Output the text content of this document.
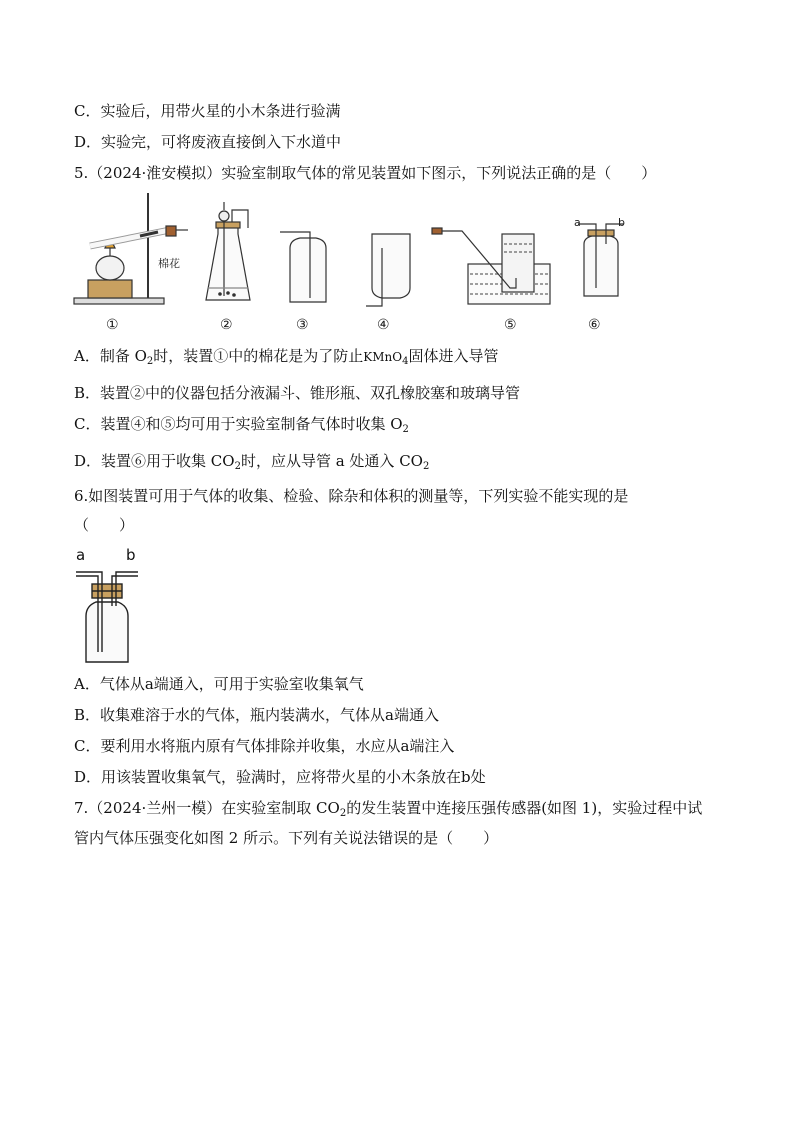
C．实验后，用带火星的小木条进行验满
D．实验完，可将废液直接倒入下水道中
5.（2024·淮安模拟）实验室制取气体的常见装置如下图示，下列说法正确的是（　　）
棉花
a	b
①	②	③	④	⑤	⑥
A．制备 $O_2$时，装置①中的棉花是为了防止KMnO$_4$固体进入导管
B．装置②中的仪器包括分液漏斗、锥形瓶、双孔橡胶塞和玻璃导管
C．装置④和⑤均可用于实验室制备气体时收集 $O_2$
D．装置⑥用于收集 $CO_2$时，应从导管 a 处通入 $CO_2$
6.如图装置可用于气体的收集、检验、除杂和体积的测量等，下列实验不能实现的是
（　　）
a	b
A．气体从a端通入，可用于实验室收集氧气
B．收集难溶于水的气体，瓶内装满水，气体从a端通入
C．要利用水将瓶内原有气体排除并收集，水应从a端注入
D．用该装置收集氧气，验满时，应将带火星的小木条放在b处
7.（2024·兰州一模）在实验室制取 $CO_2$的发生装置中连接压强传感器(如图 1)，实验过程中试
管内气体压强变化如图 2 所示。下列有关说法错误的是（　　）
